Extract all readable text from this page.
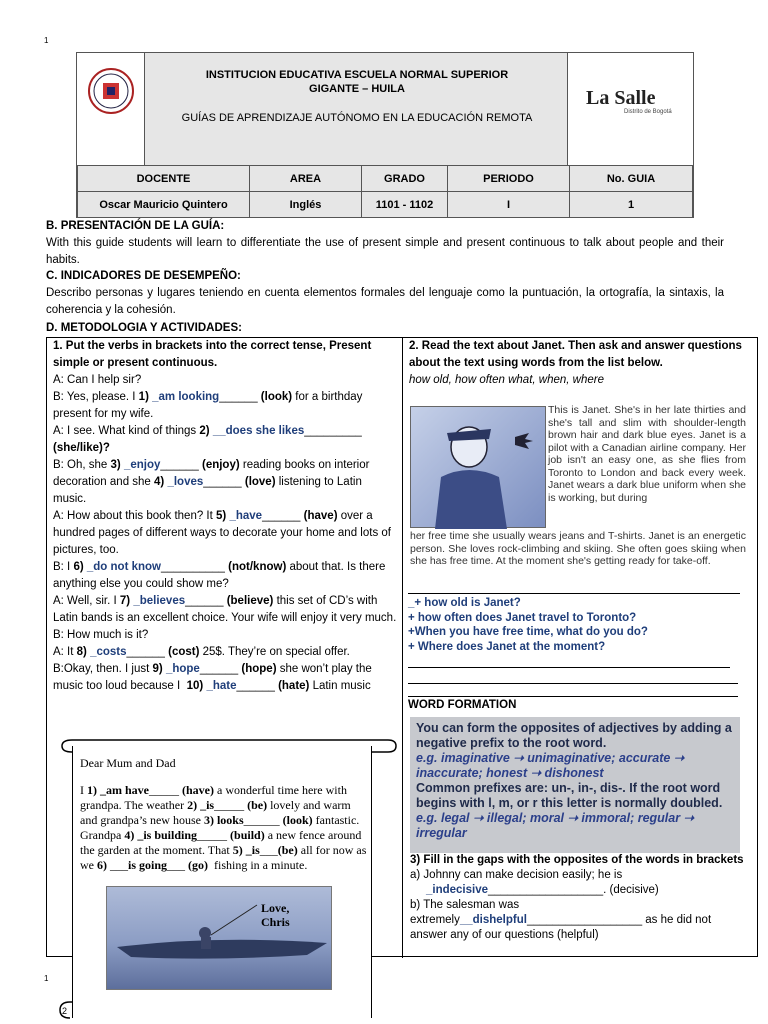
1
INSTITUCION EDUCATIVA ESCUELA NORMAL SUPERIOR
GIGANTE – HUILA
GUÍAS DE APRENDIZAJE AUTÓNOMO EN LA EDUCACIÓN REMOTA
La Salle
Distrito de Bogotá
DOCENTE	AREA	GRADO	PERIODO	No. GUIA
Oscar Mauricio Quintero	Inglés	1101 - 1102	I	1
B. PRESENTACIÓN DE LA GUÍA:
With this guide students will learn to differentiate the use of present simple and present continuous to talk about people and their habits.
C. INDICADORES DE DESEMPEÑO:
Describo personas y lugares teniendo en cuenta elementos formales del lenguaje como la puntuación, la ortografía, la sintaxis, la coherencia y la cohesión.
D. METODOLOGIA Y ACTIVIDADES:
1. Put the verbs in brackets into the correct tense, Present simple or present continuous.
A: Can I help sir?
B: Yes, please. I 1) _am looking______ (look) for a birthday present for my wife.
A: I see. What kind of things 2) __does she likes_________ (she/like)?
B: Oh, she 3) _enjoy______ (enjoy) reading books on interior decoration and she 4) _loves______ (love) listening to Latin music.
A: How about this book then? It 5) _have______ (have) over a hundred pages of different ways to decorate your home and lots of pictures, too.
B: I 6) _do not know__________ (not/know) about that. Is there anything else you could show me?
A: Well, sir. I 7) _believes______ (believe) this set of CD’s with Latin bands is an excellent choice. Your wife will enjoy it very much.
B: How much is it?
A: It 8) _costs______ (cost) 25$. They’re on special offer.
B:Okay, then. I just 9) _hope______ (hope) she won’t play the music too loud because I  10) _hate______ (hate) Latin music
2. Read the text about Janet. Then ask and answer questions about the text using words from the list below.
how old, how often what, when, where
This is Janet. She's in her late thirties and she's tall and slim with shoulder-length brown hair and dark blue eyes. Janet is a pilot with a Canadian airline company. Her job isn't an easy one, as she flies from Toronto to London and back every week. Janet wears a dark blue uniform when she is working, but during
her free time she usually wears jeans and T-shirts. Janet is an energetic person. She loves rock-climbing and skiing. She often goes skiing when she has free time. At the moment she's getting ready for take-off.
_+ how old is Janet?
+ how often does Janet travel to Toronto?
+When you have free time, what do you do?
+ Where does Janet at the moment?
WORD FORMATION
You can form the opposites of adjectives by adding a negative prefix to the root word.
e.g. imaginative ➝ unimaginative; accurate ➝ inaccurate; honest ➝ dishonest
Common prefixes are: un-, in-, dis-. If the root word begins with l, m, or r this letter is normally doubled.
e.g. legal ➝ illegal; moral ➝ immoral; regular ➝ irregular
3) Fill in the gaps with the opposites of the words in brackets
a) Johnny can make decision easily; he is
_indecisive__________________. (decisive)
b) The salesman was extremely__dishelpful__________________ as he did not answer any of our questions (helpful)
1
2
Dear Mum and Dad
I 1) _am have_____ (have) a wonderful time here with grandpa. The weather 2) _is_____ (be) lovely and warm and grandpa’s new house 3) looks______ (look) fantastic. Grandpa 4) _is building_____ (build) a new fence around the garden at the moment. That 5) _is___(be) all for now as we 6) ___is going___ (go)  fishing in a minute.
Love,
Chris
